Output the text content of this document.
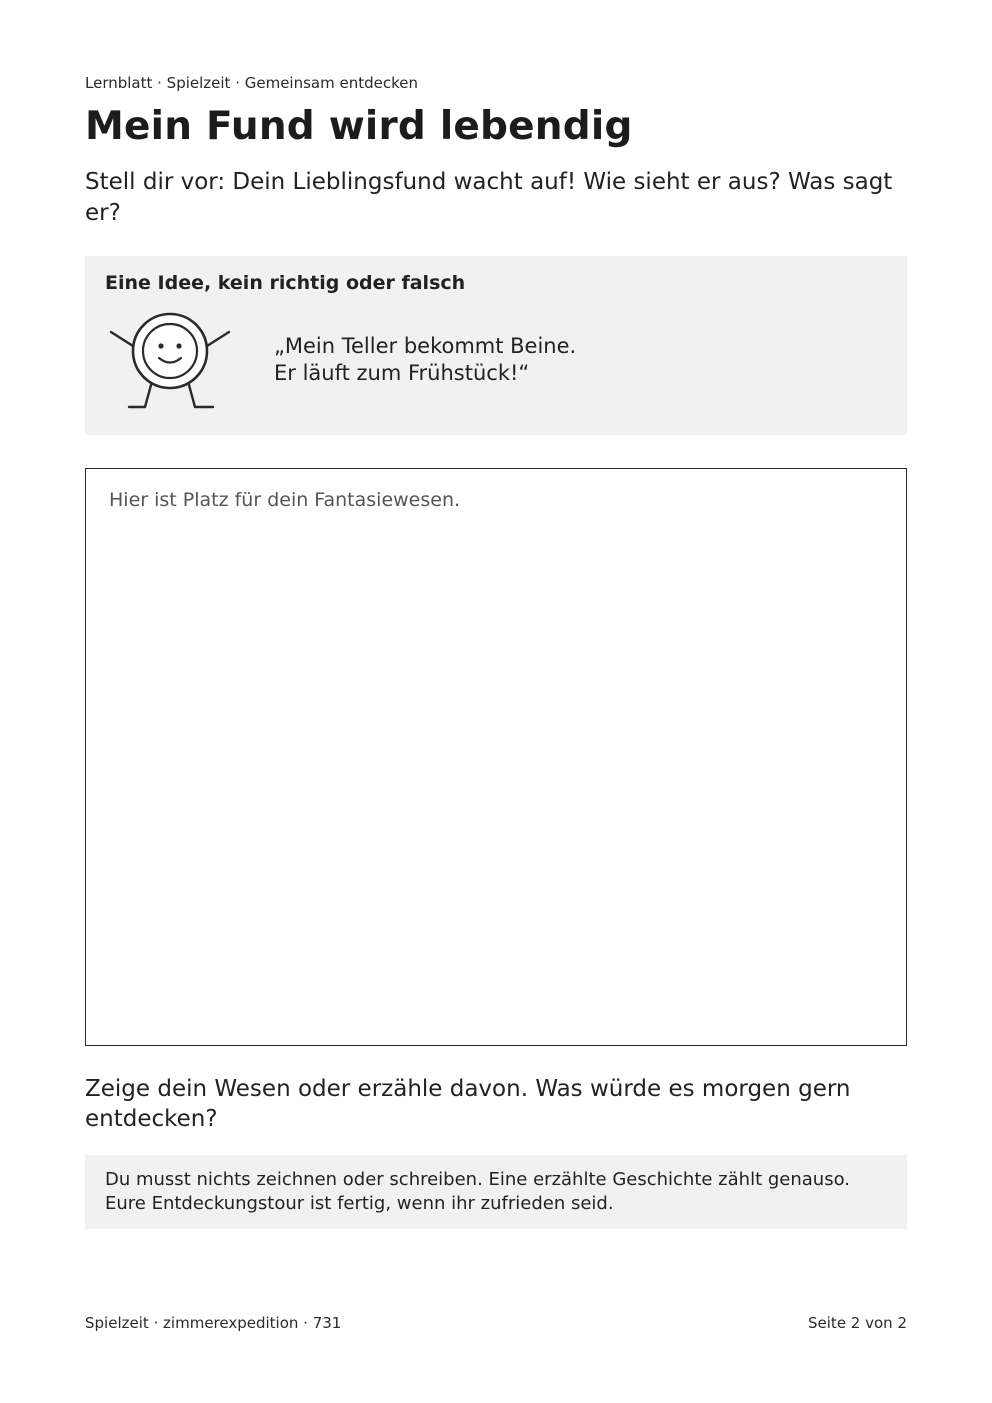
Lernblatt · Spielzeit · Gemeinsam entdecken
Mein Fund wird lebendig

Stell dir vor: Dein Lieblingsfund wacht auf! Wie sieht er aus? Was sagt er?

Eine Idee, kein richtig oder falsch

„Mein Teller bekommt Beine.
Er läuft zum Frühstück!“

Hier ist Platz für dein Fantasiewesen.

Zeige dein Wesen oder erzähle davon. Was würde es morgen gern entdecken?

Du musst nichts zeichnen oder schreiben. Eine erzählte Geschichte zählt genauso.
Eure Entdeckungstour ist fertig, wenn ihr zufrieden seid.

Spielzeit · zimmerexpedition · 731	Seite 2 von 2
